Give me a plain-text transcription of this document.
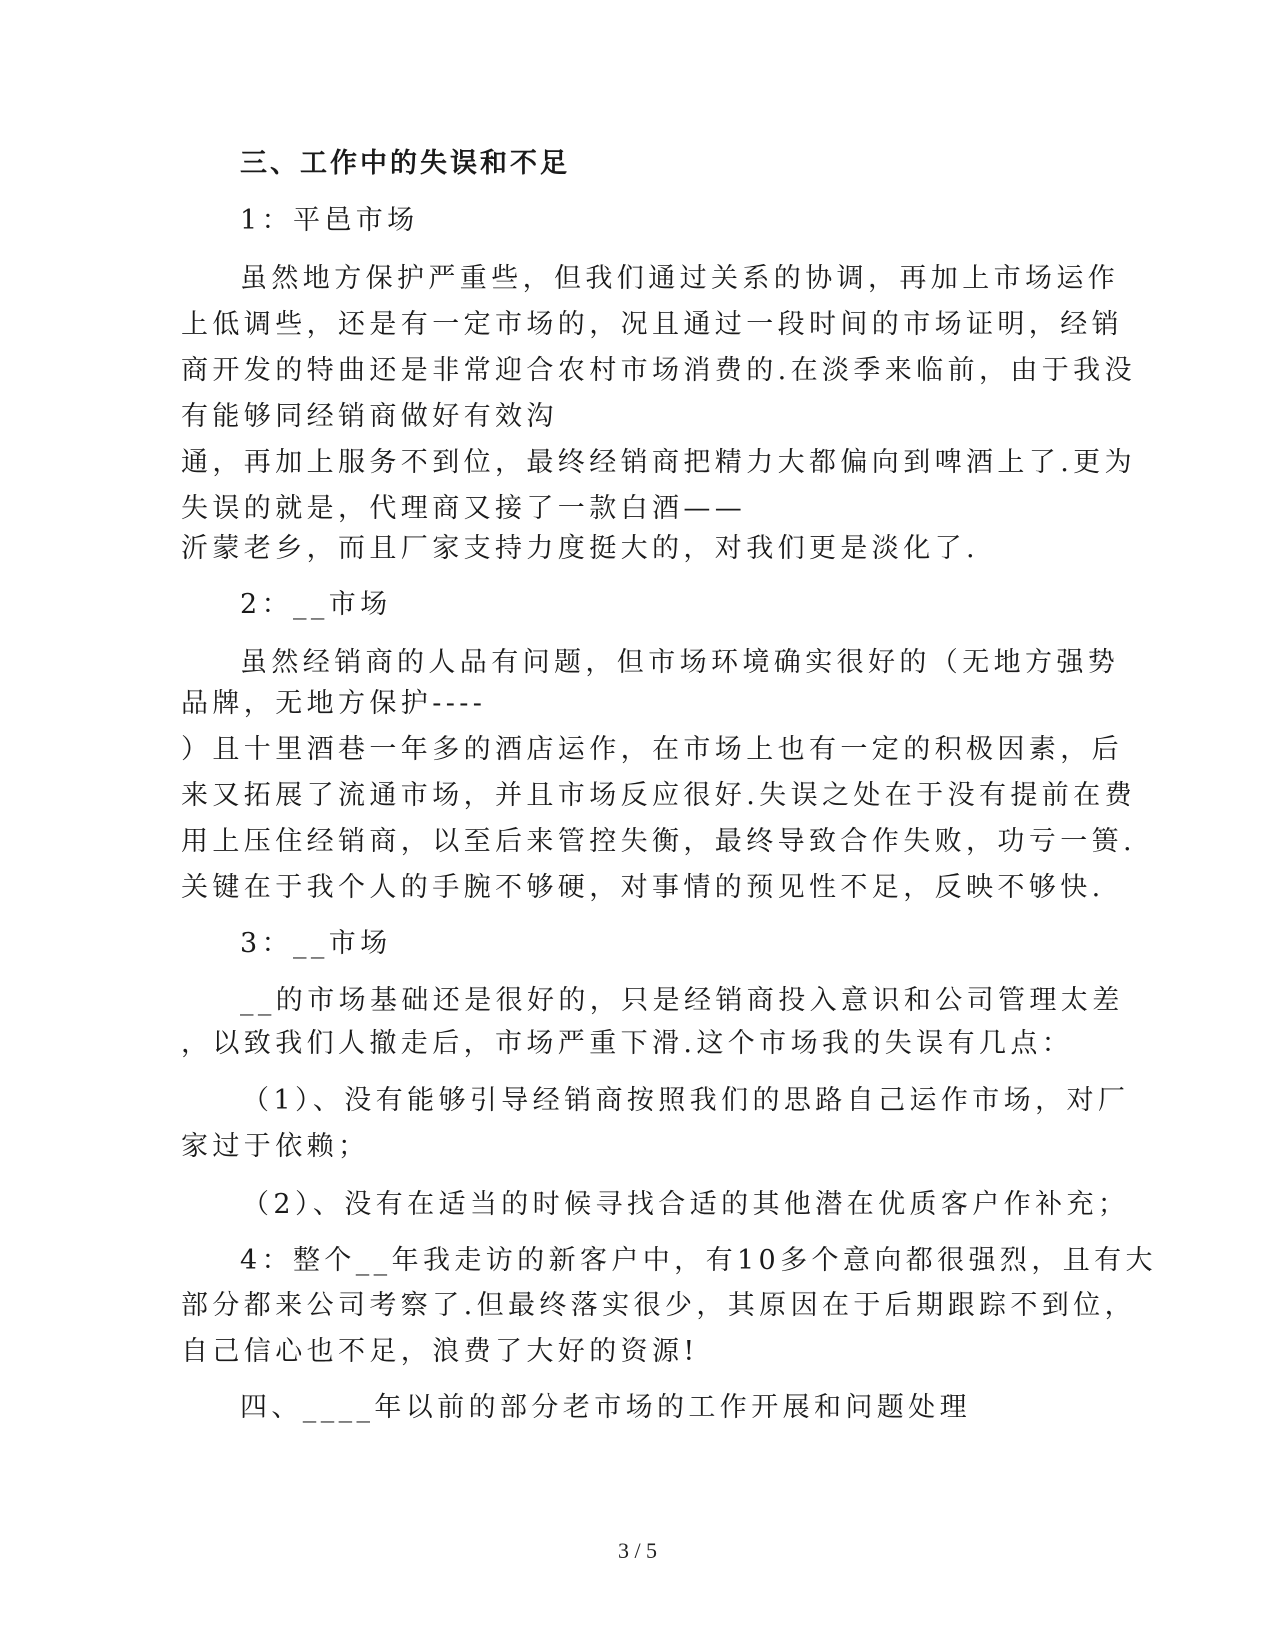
三、工作中的失误和不足
1：平邑市场
虽然地方保护严重些，但我们通过关系的协调，再加上市场运作
上低调些，还是有一定市场的，况且通过一段时间的市场证明，经销
商开发的特曲还是非常迎合农村市场消费的.在淡季来临前，由于我没
有能够同经销商做好有效沟
通，再加上服务不到位，最终经销商把精力大都偏向到啤酒上了.更为
失误的就是，代理商又接了一款白酒——
沂蒙老乡，而且厂家支持力度挺大的，对我们更是淡化了.
2：__市场
虽然经销商的人品有问题，但市场环境确实很好的（无地方强势
品牌，无地方保护----
）且十里酒巷一年多的酒店运作，在市场上也有一定的积极因素，后
来又拓展了流通市场，并且市场反应很好.失误之处在于没有提前在费
用上压住经销商，以至后来管控失衡，最终导致合作失败，功亏一篑.
关键在于我个人的手腕不够硬，对事情的预见性不足，反映不够快.
3：__市场
__的市场基础还是很好的，只是经销商投入意识和公司管理太差
，以致我们人撤走后，市场严重下滑.这个市场我的失误有几点：
（1）、没有能够引导经销商按照我们的思路自己运作市场，对厂
家过于依赖；
（2）、没有在适当的时候寻找合适的其他潜在优质客户作补充；
4：整个__年我走访的新客户中，有10多个意向都很强烈，且有大
部分都来公司考察了.但最终落实很少，其原因在于后期跟踪不到位，
自己信心也不足，浪费了大好的资源!
四、____年以前的部分老市场的工作开展和问题处理
3 / 5
